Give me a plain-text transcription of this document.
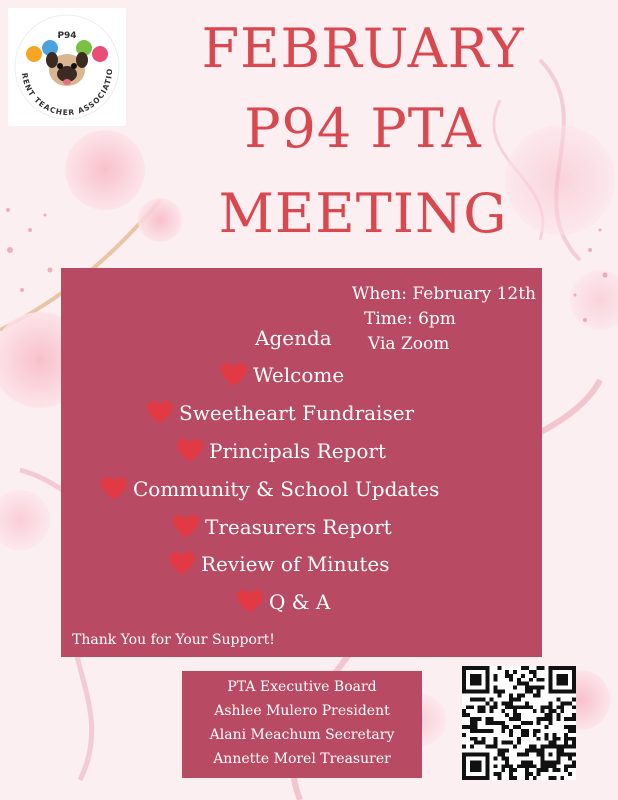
P94
RENT TEACHER ASSOCIATIO	FEBRUARY
P94 PTA
MEETING
When: February 12th
Time: 6pm
Via Zoom
Agenda
Welcome
Sweetheart Fundraiser
Principals Report
Community & School Updates
Treasurers Report
Review of Minutes
Q & A
Thank You for Your Support!
PTA Executive Board
Ashlee Mulero President
Alani Meachum Secretary
Annette Morel Treasurer
